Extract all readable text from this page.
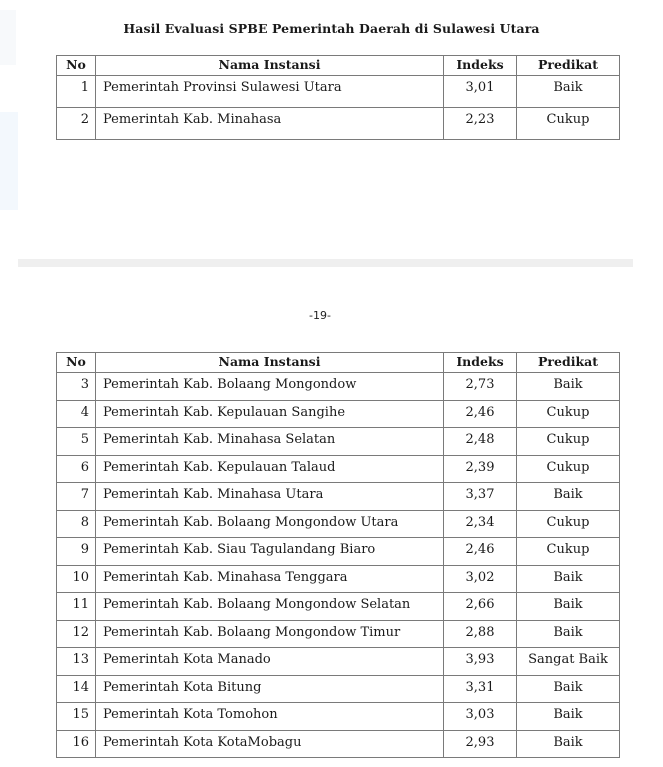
Hasil Evaluasi SPBE Pemerintah Daerah di Sulawesi Utara
No	Nama Instansi	Indeks	Predikat
1	Pemerintah Provinsi Sulawesi Utara	3,01	Baik
2	Pemerintah Kab. Minahasa	2,23	Cukup
-19-
No	Nama Instansi	Indeks	Predikat
3	Pemerintah Kab. Bolaang Mongondow	2,73	Baik
4	Pemerintah Kab. Kepulauan Sangihe	2,46	Cukup
5	Pemerintah Kab. Minahasa Selatan	2,48	Cukup
6	Pemerintah Kab. Kepulauan Talaud	2,39	Cukup
7	Pemerintah Kab. Minahasa Utara	3,37	Baik
8	Pemerintah Kab. Bolaang Mongondow Utara	2,34	Cukup
9	Pemerintah Kab. Siau Tagulandang Biaro	2,46	Cukup
10	Pemerintah Kab. Minahasa Tenggara	3,02	Baik
11	Pemerintah Kab. Bolaang Mongondow Selatan	2,66	Baik
12	Pemerintah Kab. Bolaang Mongondow Timur	2,88	Baik
13	Pemerintah Kota Manado	3,93	Sangat Baik
14	Pemerintah Kota Bitung	3,31	Baik
15	Pemerintah Kota Tomohon	3,03	Baik
16	Pemerintah Kota KotaMobagu	2,93	Baik
